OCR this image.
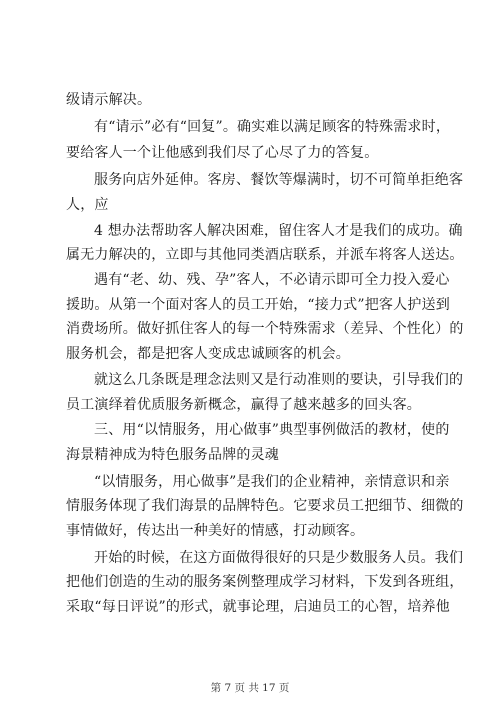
级请示解决。
有“请示”必有“回复”。确实难以满足顾客的特殊需求时，
要给客人一个让他感到我们尽了心尽了力的答复。
服务向店外延伸。客房、餐饮等爆满时，切不可简单拒绝客
人，应
4 想办法帮助客人解决困难，留住客人才是我们的成功。确
属无力解决的，立即与其他同类酒店联系，并派车将客人送达。
遇有“老、幼、残、孕”客人，不必请示即可全力投入爱心
援助。从第一个面对客人的员工开始，“接力式”把客人护送到
消费场所。做好抓住客人的每一个特殊需求（差异、个性化）的
服务机会，都是把客人变成忠诚顾客的机会。
就这么几条既是理念法则又是行动准则的要诀，引导我们的
员工演绎着优质服务新概念，赢得了越来越多的回头客。
三、用“以情服务，用心做事”典型事例做活的教材，使的
海景精神成为特色服务品牌的灵魂
“以情服务，用心做事”是我们的企业精神，亲情意识和亲
情服务体现了我们海景的品牌特色。它要求员工把细节、细微的
事情做好，传达出一种美好的情感，打动顾客。
开始的时候，在这方面做得很好的只是少数服务人员。我们
把他们创造的生动的服务案例整理成学习材料，下发到各班组，
采取“每日评说”的形式，就事论理，启迪员工的心智，培养他
第 7 页 共 17 页
